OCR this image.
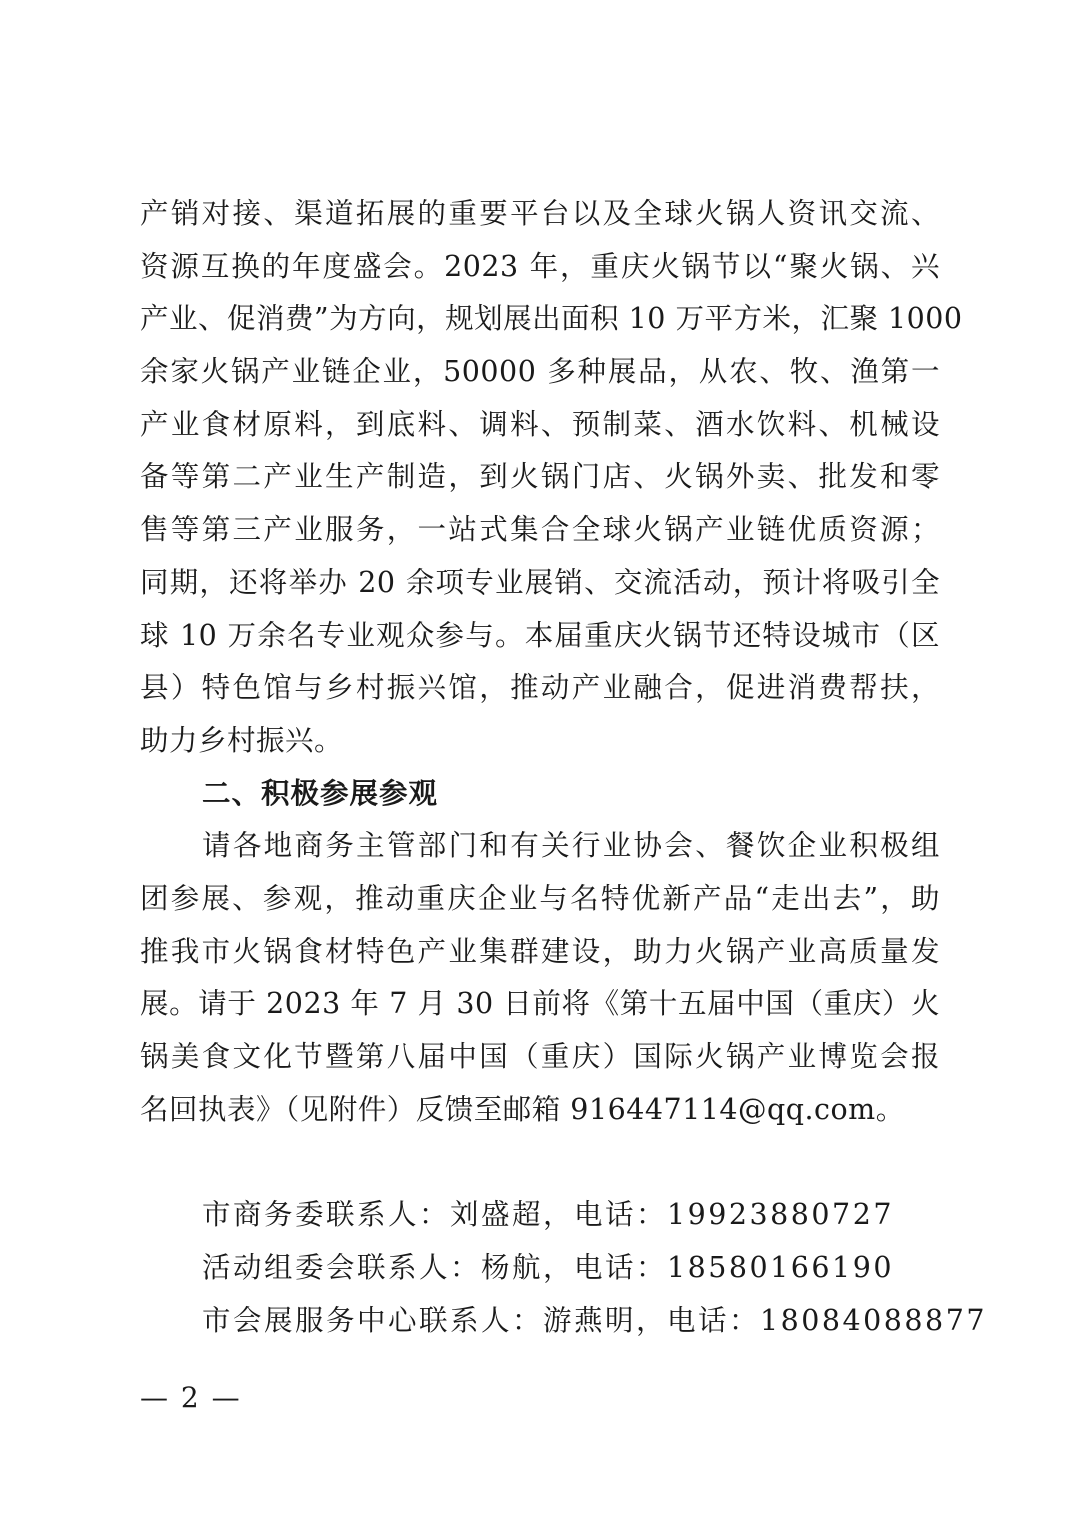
产销对接、渠道拓展的重要平台以及全球火锅人资讯交流、
资源互换的年度盛会。2023 年，重庆火锅节以“聚火锅、兴
产业、促消费”为方向，规划展出面积 10 万平方米，汇聚 1000
余家火锅产业链企业，50000 多种展品，从农、牧、渔第一
产业食材原料，到底料、调料、预制菜、酒水饮料、机械设
备等第二产业生产制造，到火锅门店、火锅外卖、批发和零
售等第三产业服务，一站式集合全球火锅产业链优质资源；
同期，还将举办 20 余项专业展销、交流活动，预计将吸引全
球 10 万余名专业观众参与。本届重庆火锅节还特设城市（区
县）特色馆与乡村振兴馆，推动产业融合，促进消费帮扶，
助力乡村振兴。
二、积极参展参观
请各地商务主管部门和有关行业协会、餐饮企业积极组
团参展、参观，推动重庆企业与名特优新产品“走出去”，助
推我市火锅食材特色产业集群建设，助力火锅产业高质量发
展。请于 2023 年 7 月 30 日前将《第十五届中国（重庆）火
锅美食文化节暨第八届中国（重庆）国际火锅产业博览会报
名回执表》（见附件）反馈至邮箱 916447114@qq.com。
市商务委联系人：刘盛超，电话：19923880727
活动组委会联系人：杨航，电话：18580166190
市会展服务中心联系人：游燕明，电话：18084088877
— 2 —
